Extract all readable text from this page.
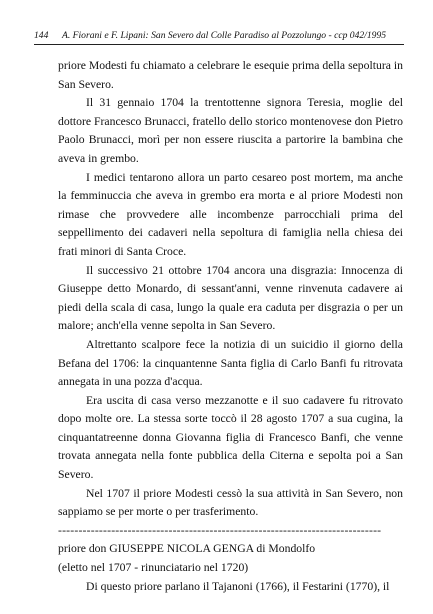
144 A. Fiorani e F. Lipani: San Severo dal Colle Paradiso al Pozzolungo - ccp 042/1995

priore Modesti fu chiamato a celebrare le esequie prima della sepoltura in San Severo.

Il 31 gennaio 1704 la trentottenne signora Teresia, moglie del dottore Francesco Brunacci, fratello dello storico montenovese don Pietro Paolo Brunacci, morì per non essere riuscita a partorire la bambina che aveva in grembo.

I medici tentarono allora un parto cesareo post mortem, ma anche la femminuccia che aveva in grembo era morta e al priore Modesti non rimase che provvedere alle incombenze parrocchiali prima del seppellimento dei cadaveri nella sepoltura di famiglia nella chiesa dei frati minori di Santa Croce.

Il successivo 21 ottobre 1704 ancora una disgrazia: Innocenza di Giuseppe detto Monardo, di sessant'anni, venne rinvenuta cadavere ai piedi della scala di casa, lungo la quale era caduta per disgrazia o per un malore; anch'ella venne sepolta in San Severo.

Altrettanto scalpore fece la notizia di un suicidio il giorno della Befana del 1706: la cinquantenne Santa figlia di Carlo Banfi fu ritrovata annegata in una pozza d'acqua.

Era uscita di casa verso mezzanotte e il suo cadavere fu ritrovato dopo molte ore. La stessa sorte toccò il 28 agosto 1707 a sua cugina, la cinquantatreenne donna Giovanna figlia di Francesco Banfi, che venne trovata annegata nella fonte pubblica della Citerna e sepolta poi a San Severo.

Nel 1707 il priore Modesti cessò la sua attività in San Severo, non sappiamo se per morte o per trasferimento.

-------------------------------------------------------------------------------

priore don GIUSEPPE NICOLA GENGA di Mondolfo

(eletto nel 1707 - rinunciatario nel 1720)

Di questo priore parlano il Tajanoni (1766), il Festarini (1770), il
